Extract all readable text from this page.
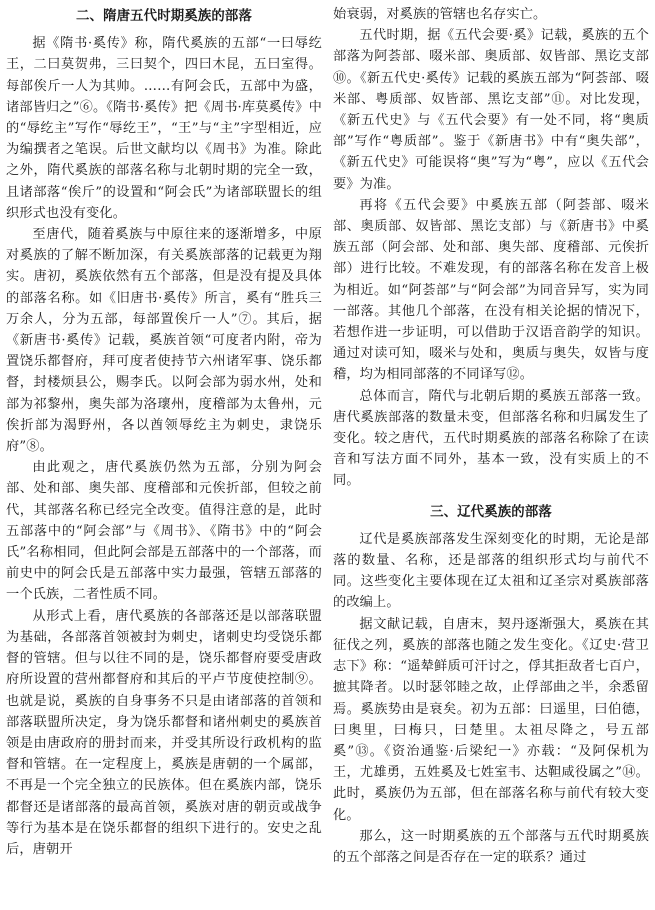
二、隋唐五代时期奚族的部落

据《隋书·奚传》称，隋代奚族的五部“一曰辱纥王，二曰莫贺弗，三曰契个，四曰木昆，五曰室得。每部俟斤一人为其帅。……有阿会氏，五部中为盛，诸部皆归之”⑥。《隋书·奚传》把《周书·库莫奚传》中的“辱纥主”写作“辱纥王”，“王”与“主”字型相近，应为编撰者之笔误。后世文献均以《周书》为准。除此之外，隋代奚族的部落名称与北朝时期的完全一致，且诸部落“俟斤”的设置和“阿会氏”为诸部联盟长的组织形式也没有变化。

至唐代，随着奚族与中原往来的逐渐增多，中原对奚族的了解不断加深，有关奚族部落的记载更为翔实。唐初，奚族依然有五个部落，但是没有提及具体的部落名称。如《旧唐书·奚传》所言，奚有“胜兵三万余人，分为五部，每部置俟斤一人”⑦。其后，据《新唐书·奚传》记载，奚族首领“可度者内附，帝为置饶乐都督府，拜可度者使持节六州诸军事、饶乐都督，封楼烦县公，赐李氏。以阿会部为弱水州，处和部为祁黎州，奥失部为洛瓌州，度稽部为太鲁州，元俟折部为渴野州，各以酋领辱纥主为刺史，隶饶乐府”⑧。

由此观之，唐代奚族仍然为五部，分别为阿会部、处和部、奥失部、度稽部和元俟折部，但较之前代，其部落名称已经完全改变。值得注意的是，此时五部落中的“阿会部”与《周书》、《隋书》中的“阿会氏”名称相同，但此阿会部是五部落中的一个部落，而前史中的阿会氏是五部落中实力最强，管辖五部落的一个氏族，二者性质不同。

从形式上看，唐代奚族的各部落还是以部落联盟为基础，各部落首领被封为刺史，诸刺史均受饶乐都督的管辖。但与以往不同的是，饶乐都督府要受唐政府所设置的营州都督府和其后的平卢节度使控制⑨。也就是说，奚族的自身事务不只是由诸部落的首领和部落联盟所决定，身为饶乐都督和诸州刺史的奚族首领是由唐政府的册封而来，并受其所设行政机构的监督和管辖。在一定程度上，奚族是唐朝的一个属部，不再是一个完全独立的民族体。但在奚族内部，饶乐都督还是诸部落的最高首领，奚族对唐的朝贡或战争等行为基本是在饶乐都督的组织下进行的。安史之乱后，唐朝开

始衰弱，对奚族的管辖也名存实亡。

五代时期，据《五代会要·奚》记载，奚族的五个部落为阿荟部、啜米部、奥质部、奴皆部、黑讫支部⑩。《新五代史·奚传》记载的奚族五部为“阿荟部、啜米部、粤质部、奴皆部、黑讫支部”⑪。对比发现，《新五代史》与《五代会要》有一处不同，将“奥质部”写作“粤质部”。鉴于《新唐书》中有“奥失部”，《新五代史》可能误将“奥”写为“粤”，应以《五代会要》为准。

再将《五代会要》中奚族五部（阿荟部、啜米部、奥质部、奴皆部、黑讫支部）与《新唐书》中奚族五部（阿会部、处和部、奥失部、度稽部、元俟折部）进行比较。不难发现，有的部落名称在发音上极为相近。如“阿荟部”与“阿会部”为同音异写，实为同一部落。其他几个部落，在没有相关论据的情况下，若想作进一步证明，可以借助于汉语音韵学的知识。通过对读可知，啜米与处和，奥质与奥失，奴皆与度稽，均为相同部落的不同译写⑫。

总体而言，隋代与北朝后期的奚族五部落一致。唐代奚族部落的数量未变，但部落名称和归属发生了变化。较之唐代，五代时期奚族的部落名称除了在读音和写法方面不同外，基本一致，没有实质上的不同。

三、辽代奚族的部落

辽代是奚族部落发生深刻变化的时期，无论是部落的数量、名称，还是部落的组织形式均与前代不同。这些变化主要体现在辽太祖和辽圣宗对奚族部落的改编上。

据文献记载，自唐末，契丹逐渐强大，奚族在其征伐之列，奚族的部落也随之发生变化。《辽史·营卫志下》称：“遥辇鲜质可汗讨之，俘其拒敌者七百户，摭其降者。以时瑟邻睦之故，止俘部曲之半，余悉留焉。奚族势由是衰矣。初为五部：曰遥里，曰伯德，曰奥里，曰梅只，曰楚里。太祖尽降之，号五部奚”⑬。《资治通鉴·后梁纪一》亦载：“及阿保机为王，尤雄勇，五姓奚及七姓室韦、达靼咸役属之”⑭。此时，奚族仍为五部，但在部落名称与前代有较大变化。

那么，这一时期奚族的五个部落与五代时期奚族的五个部落之间是否存在一定的联系？通过
